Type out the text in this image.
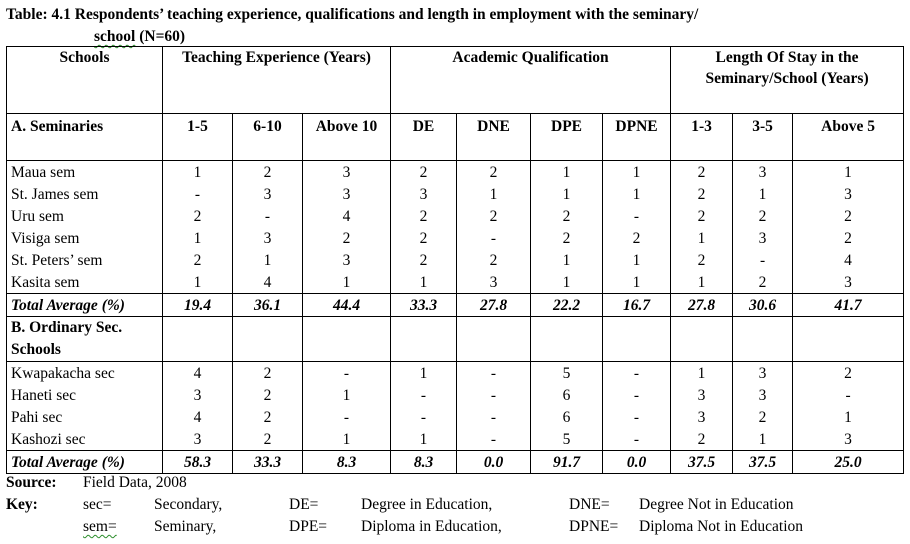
Table: 4.1 Respondents’ teaching experience, qualifications and length in employment with the seminary/
school (N=60)
Schools	Teaching Experience (Years)			Academic Qualification				Length Of Stay in the Seminary/School (Years)		
A. Seminaries	1-5	6-10	Above 10	DE	DNE	DPE	DPNE	1-3	3-5	Above 5
Maua sem	1	2	3	2	2	1	1	2	3	1
St. James sem	-	3	3	3	1	1	1	2	1	3
Uru sem	2	-	4	2	2	2	-	2	2	2
Visiga sem	1	3	2	2	-	2	2	1	3	2
St. Peters’ sem	2	1	3	2	2	1	1	2	-	4
Kasita sem	1	4	1	1	3	1	1	1	2	3
Total Average (%)	19.4	36.1	44.4	33.3	27.8	22.2	16.7	27.8	30.6	41.7
B. Ordinary Sec. Schools										
Kwapakacha sec	4	2	-	1	-	5	-	1	3	2
Haneti sec	3	2	1	-	-	6	-	3	3	-
Pahi sec	4	2	-	-	-	6	-	3	2	1
Kashozi sec	3	2	1	1	-	5	-	2	1	3
Total Average (%)	58.3	33.3	8.3	8.3	0.0	91.7	0.0	37.5	37.5	25.0
Source: Field Data, 2008
Key:	sec=	Secondary,	DE=	Degree in Education,	DNE= Degree Not in Education
sem= Seminary,	DPE= Diploma in Education,	DPNE= Diploma Not in Education
